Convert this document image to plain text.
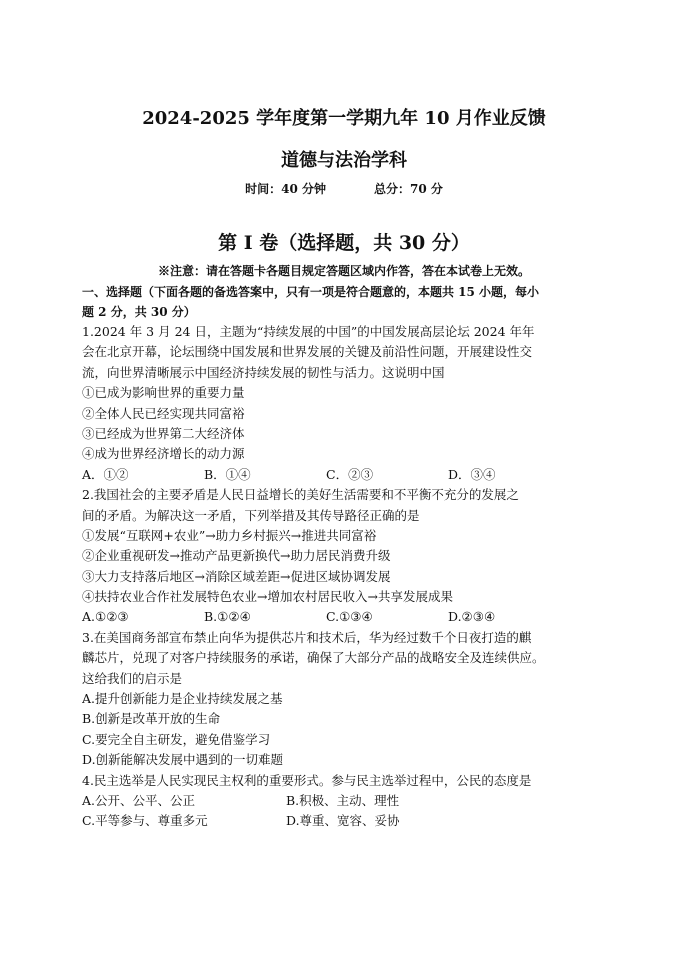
2024-2025 学年度第一学期九年 10 月作业反馈
道德与法治学科
时间：40 分钟	总分：70 分
第 I 卷（选择题，共 30 分）
※注意：请在答题卡各题目规定答题区域内作答，答在本试卷上无效。
一、选择题（下面各题的备选答案中，只有一项是符合题意的，本题共 15 小题，每小
题 2 分，共 30 分）
1.2024 年 3 月 24 日，主题为“持续发展的中国”的中国发展高层论坛 2024 年年
会在北京开幕，论坛围绕中国发展和世界发展的关键及前沿性问题，开展建设性交
流，向世界清晰展示中国经济持续发展的韧性与活力。这说明中国
①已成为影响世界的重要力量
②全体人民已经实现共同富裕
③已经成为世界第二大经济体
④成为世界经济增长的动力源
A．①②	B．①④	C．②③	D．③④
2.我国社会的主要矛盾是人民日益增长的美好生活需要和不平衡不充分的发展之
间的矛盾。为解决这一矛盾，下列举措及其传导路径正确的是
①发展“互联网+农业”→助力乡村振兴→推进共同富裕
②企业重视研发→推动产品更新换代→助力居民消费升级
③大力支持落后地区→消除区域差距→促进区域协调发展
④扶持农业合作社发展特色农业→增加农村居民收入→共享发展成果
A.①②③	B.①②④	C.①③④	D.②③④
3.在美国商务部宣布禁止向华为提供芯片和技术后，华为经过数千个日夜打造的麒
麟芯片，兑现了对客户持续服务的承诺，确保了大部分产品的战略安全及连续供应。
这给我们的启示是
A.提升创新能力是企业持续发展之基
B.创新是改革开放的生命
C.要完全自主研发，避免借鉴学习
D.创新能解决发展中遇到的一切难题
4.民主选举是人民实现民主权利的重要形式。参与民主选举过程中，公民的态度是
A.公开、公平、公正	B.积极、主动、理性
C.平等参与、尊重多元	D.尊重、宽容、妥协
